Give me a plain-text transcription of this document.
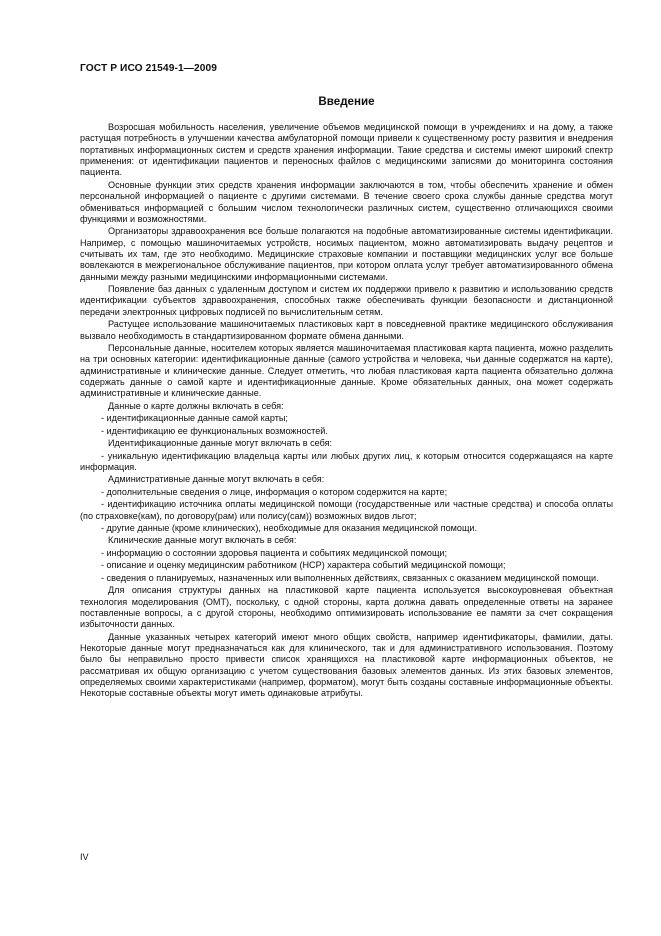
ГОСТ Р ИСО 21549-1—2009
Введение

Возросшая мобильность населения, увеличение объемов медицинской помощи в учреждениях и на дому, а также растущая потребность в улучшении качества амбулаторной помощи привели к существенному росту развития и внедрения портативных информационных систем и средств хранения информации. Такие средства и системы имеют широкий спектр применения: от идентификации пациентов и переносных файлов с медицинскими записями до мониторинга состояния пациента.

Основные функции этих средств хранения информации заключаются в том, чтобы обеспечить хранение и обмен персональной информацией о пациенте с другими системами. В течение своего срока службы данные средства могут обмениваться информацией с большим числом технологически различных систем, существенно отличающихся своими функциями и возможностями.

Организаторы здравоохранения все больше полагаются на подобные автоматизированные системы идентификации. Например, с помощью машиночитаемых устройств, носимых пациентом, можно автоматизировать выдачу рецептов и считывать их там, где это необходимо. Медицинские страховые компании и поставщики медицинских услуг все больше вовлекаются в межрегиональное обслуживание пациентов, при котором оплата услуг требует автоматизированного обмена данными между разными медицинскими информационными системами.

Появление баз данных с удаленным доступом и систем их поддержки привело к развитию и использованию средств идентификации субъектов здравоохранения, способных также обеспечивать функции безопасности и дистанционной передачи электронных цифровых подписей по вычислительным сетям.

Растущее использование машиночитаемых пластиковых карт в повседневной практике медицинского обслуживания вызвало необходимость в стандартизированном формате обмена данными.

Персональные данные, носителем которых является машиночитаемая пластиковая карта пациента, можно разделить на три основных категории: идентификационные данные (самого устройства и человека, чьи данные содержатся на карте), административные и клинические данные. Следует отметить, что любая пластиковая карта пациента обязательно должна содержать данные о самой карте и идентификационные данные. Кроме обязательных данных, она может содержать административные и клинические данные.

Данные о карте должны включать в себя:

- идентификационные данные самой карты;

- идентификацию ее функциональных возможностей.

Идентификационные данные могут включать в себя:

- уникальную идентификацию владельца карты или любых других лиц, к которым относится содержащаяся на карте информация.

Административные данные могут включать в себя:

- дополнительные сведения о лице, информация о котором содержится на карте;

- идентификацию источника оплаты медицинской помощи (государственные или частные средства) и способа оплаты (по страховке(кам), по договору(рам) или полису(сам)) возможных видов льгот;

- другие данные (кроме клинических), необходимые для оказания медицинской помощи.

Клинические данные могут включать в себя:

- информацию о состоянии здоровья пациента и событиях медицинской помощи;

- описание и оценку медицинским работником (НСР) характера событий медицинской помощи;

- сведения о планируемых, назначенных или выполненных действиях, связанных с оказанием медицинской помощи.

Для описания структуры данных на пластиковой карте пациента используется высокоуровневая объектная технология моделирования (ОМТ), поскольку, с одной стороны, карта должна давать определенные ответы на заранее поставленные вопросы, а с другой стороны, необходимо оптимизировать использование ее памяти за счет сокращения избыточности данных.

Данные указанных четырех категорий имеют много общих свойств, например идентификаторы, фамилии, даты. Некоторые данные могут предназначаться как для клинического, так и для административного использования. Поэтому было бы неправильно просто привести список хранящихся на пластиковой карте информационных объектов, не рассматривая их общую организацию с учетом существования базовых элементов данных. Из этих базовых элементов, определяемых своими характеристиками (например, форматом), могут быть созданы составные информационные объекты. Некоторые составные объекты могут иметь одинаковые атрибуты.

IV
